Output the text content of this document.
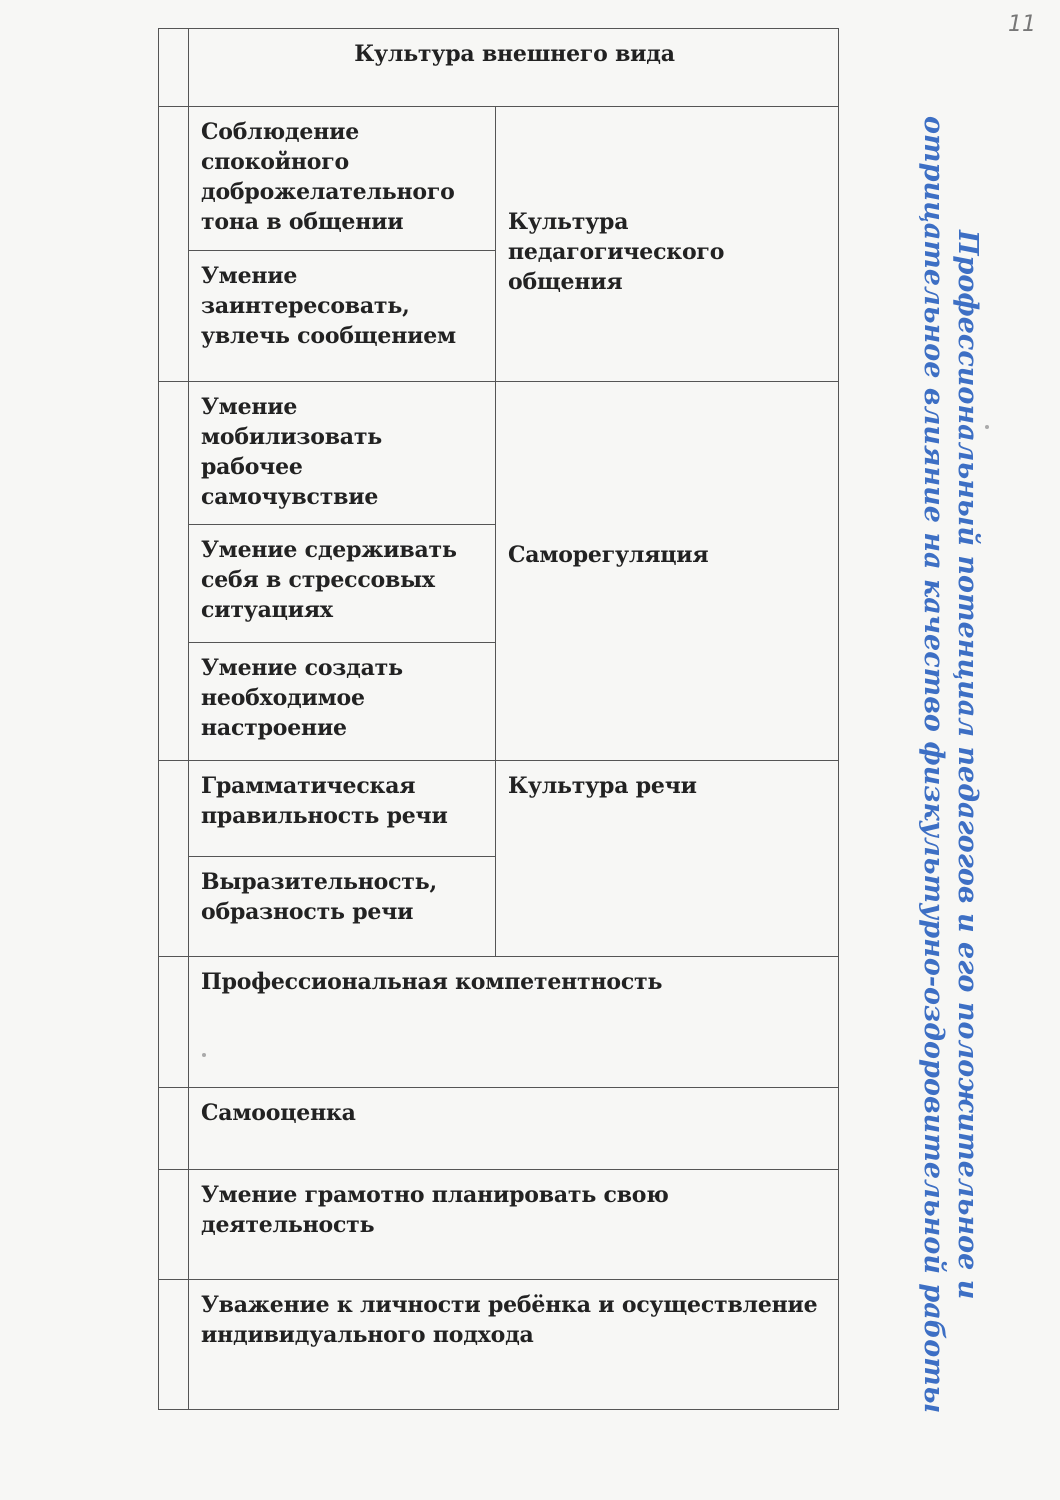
11

	Культура внешнего вида	

	Соблюдение спокойного доброжелательного тона в общении	Культура педагогического общения

	Умение заинтересовать, увлечь сообщением	

	Умение мобилизовать рабочее самочувствие	Саморегуляция

	Умение сдерживать себя в стрессовых ситуациях	

	Умение создать необходимое настроение	

	Грамматическая правильность речи	Культура речи

	Выразительность, образность речи	

	Профессиональная компетентность	

	Самооценка	

	Умение грамотно планировать свою деятельность	

	Уважение к личности ребёнка и осуществление индивидуального подхода	
Профессиональный потенциал педагогов и его положительное и
отрицательное влияние на качество физкультурно-оздоровительной работы
